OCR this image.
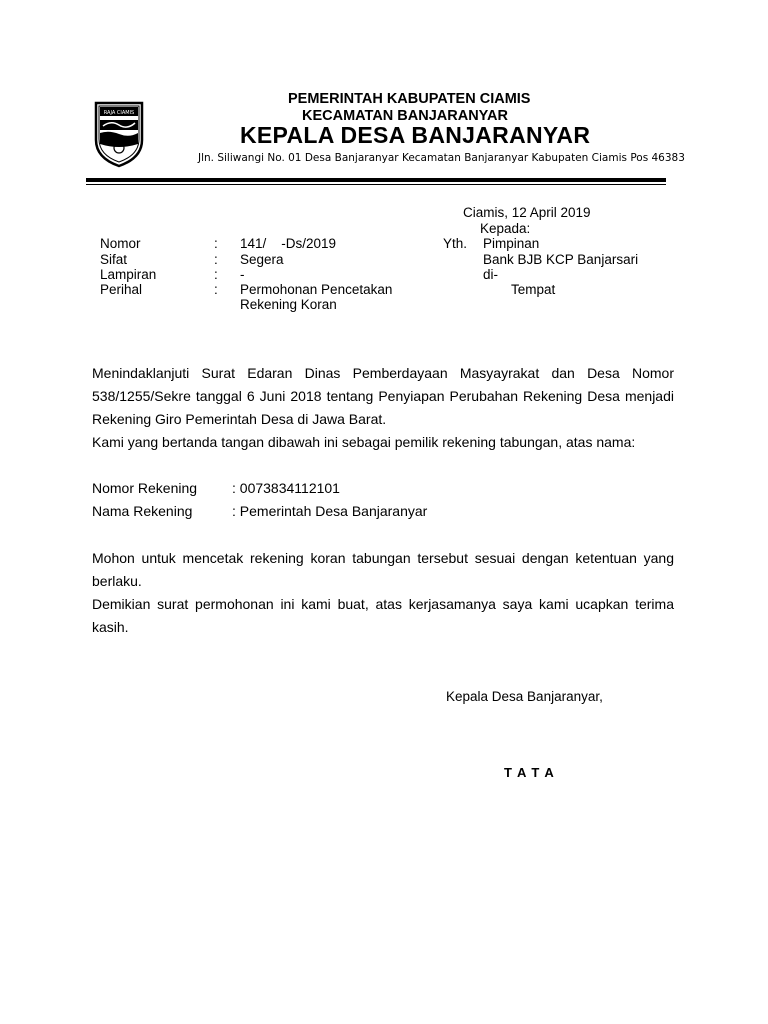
RAJA CIAMIS
PEMERINTAH KABUPATEN CIAMIS
KECAMATAN BANJARANYAR
KEPALA DESA BANJARANYAR
Jln. Siliwangi No. 01 Desa Banjaranyar Kecamatan Banjaranyar Kabupaten Ciamis Pos 46383
Ciamis, 12 April 2019
Kepada:
Yth. Pimpinan
Bank BJB KCP Banjarsari
di-
Tempat
Nomor	: 141/    -Ds/2019
Sifat	: Segera
Lampiran	: -
Perihal	: Permohonan Pencetakan
Rekening Koran
Menindaklanjuti Surat Edaran Dinas Pemberdayaan Masyayrakat dan Desa Nomor 538/1255/Sekre tanggal 6 Juni 2018 tentang Penyiapan Perubahan Rekening Desa menjadi Rekening Giro Pemerintah Desa di Jawa Barat.
Kami yang bertanda tangan dibawah ini sebagai pemilik rekening tabungan, atas nama:
Nomor Rekening : 0073834112101
Nama Rekening	: Pemerintah Desa Banjaranyar
Mohon untuk mencetak rekening koran tabungan tersebut sesuai dengan ketentuan yang berlaku.
Demikian surat permohonan ini kami buat, atas kerjasamanya saya kami ucapkan terima kasih.
Kepala Desa Banjaranyar,
TATA
